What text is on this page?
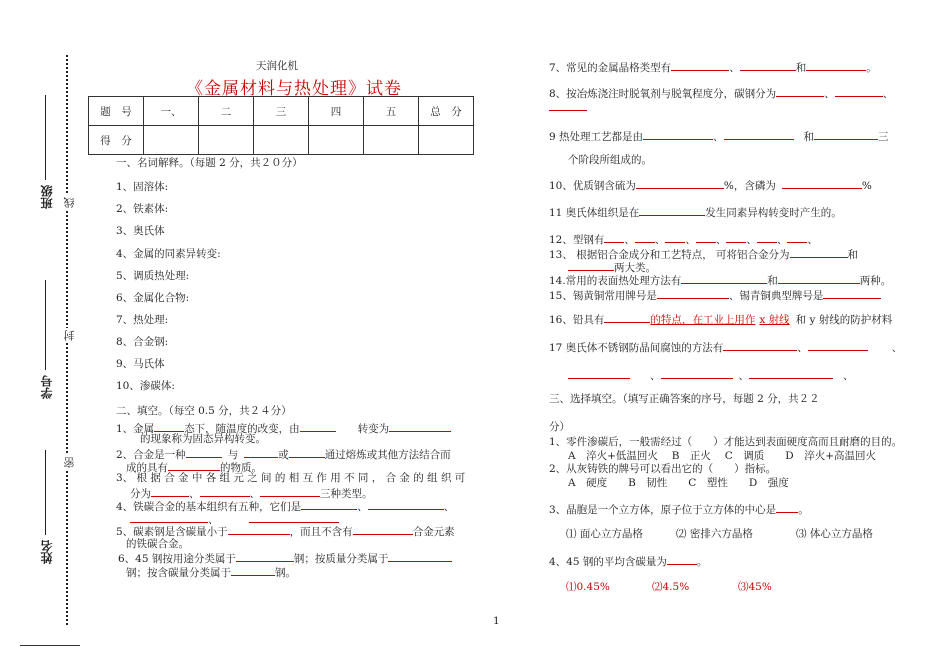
班级 线
学号
封
姓名
密
天润化机
《金属材料与热处理》试卷
题　号	一、	二	三	四	五	总　分
得　分						
一、名词解释。（每题 2 分，共２０分）
1、固溶体:
2、铁素体:
3、奥氏体
4、金属的同素异转变:
5、调质热处理:
6、金属化合物:
7、热处理:
8、合金钢:
9、马氏体
10、渗碳体:
二、填空。（每空 0.5 分，共２４分）
1、金属	态下，随温度的改变，由	转变为
的现象称为固态异构转变。
2、合金是一种	与	或	通过熔炼或其他方法结合而
成的具有	的物质。
3、 根 据 合 金 中 各 组 元 之 间 的 相 互 作 用 不 同 ， 合 金 的 组 织 可
分为	、	、	三种类型。
4、铁碳合金的基本组织有五种，它们是	、	、
、
5、碳素钢是含碳量小于	，而且不含有	合金元素
的铁碳合金。
6、45 钢按用途分类属于	钢；按质量分类属于
钢；按含碳量分类属于	钢。
7、常见的金属晶格类型有	、	和	。
8、按冶炼浇注时脱氧剂与脱氧程度分，碳钢分为	、	、
9 热处理工艺都是由	、	和	三
个阶段所组成的。
10、优质钢含硫为	%，含磷为	%
11 奥氏体组织是在	发生同素异构转变时产生的。
12、型钢有 、 、 、 、 、 、 、
13、 根据铝合金成分和工艺特点， 可将铝合金分为	和
两大类。
14.常用的表面热处理方法有	和	两种。
15、锡黄铜常用牌号是	、锡青铜典型牌号是
16、铅具有	的特点，在工业上用作 x 射线 和 y 射线的防护材料
17 奥氏体不锈钢防晶间腐蚀的方法有	、	、
、	、	、
三、选择填空。（填写正确答案的序号，每题 2 分，共２２
分）
1、零件渗碳后，一般需经过（　　）才能达到表面硬度高而且耐磨的目的。
A　淬火+低温回火　 B　正火　 C　调质　　D　淬火+高温回火
2、从灰铸铁的牌号可以看出它的（　　）指标。
A　硬度　　B　韧性　　C　塑性　　D　强度
3、晶胞是一个立方体，原子位于立方体的中心是 。
⑴ 面心立方晶格	⑵ 密排六方晶格	⑶ 体心立方晶格
4、45 钢的平均含碳量为	。
⑴0.45%	⑵4.5%	⑶45%
1
